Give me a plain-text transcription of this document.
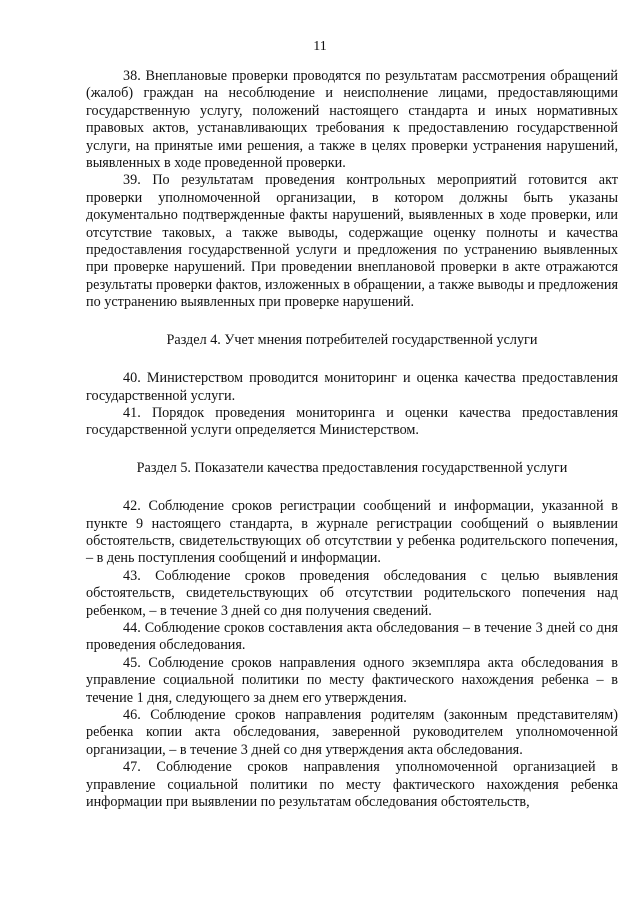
11

38. Внеплановые проверки проводятся по результатам рассмотрения обращений (жалоб) граждан на несоблюдение и неисполнение лицами, предоставляющими государственную услугу, положений настоящего стандарта и иных нормативных правовых актов, устанавливающих требования к предоставлению государственной услуги, на принятые ими решения, а также в целях проверки устранения нарушений, выявленных в ходе проведенной проверки.

39. По результатам проведения контрольных мероприятий готовится акт проверки уполномоченной организации, в котором должны быть указаны документально подтвержденные факты нарушений, выявленных в ходе проверки, или отсутствие таковых, а также выводы, содержащие оценку полноты и качества предоставления государственной услуги и предложения по устранению выявленных при проверке нарушений. При проведении внеплановой проверки в акте отражаются результаты проверки фактов, изложенных в обращении, а также выводы и предложения по устранению выявленных при проверке нарушений.

Раздел 4. Учет мнения потребителей государственной услуги

40. Министерством проводится мониторинг и оценка качества предоставления государственной услуги.

41. Порядок проведения мониторинга и оценки качества предоставления государственной услуги определяется Министерством.

Раздел 5. Показатели качества предоставления государственной услуги

42. Соблюдение сроков регистрации сообщений и информации, указанной в пункте 9 настоящего стандарта, в журнале регистрации сообщений о выявлении обстоятельств, свидетельствующих об отсутствии у ребенка родительского попечения, – в день поступления сообщений и информации.

43. Соблюдение сроков проведения обследования с целью выявления обстоятельств, свидетельствующих об отсутствии родительского попечения над ребенком, – в течение 3 дней со дня получения сведений.

44. Соблюдение сроков составления акта обследования – в течение 3 дней со дня проведения обследования.

45. Соблюдение сроков направления одного экземпляра акта обследования в управление социальной политики по месту фактического нахождения ребенка – в течение 1 дня, следующего за днем его утверждения.

46. Соблюдение сроков направления родителям (законным представителям) ребенка копии акта обследования, заверенной руководителем уполномоченной организации, – в течение 3 дней со дня утверждения акта обследования.

47. Соблюдение сроков направления уполномоченной организацией в управление социальной политики по месту фактического нахождения ребенка информации при выявлении по результатам обследования обстоятельств,
